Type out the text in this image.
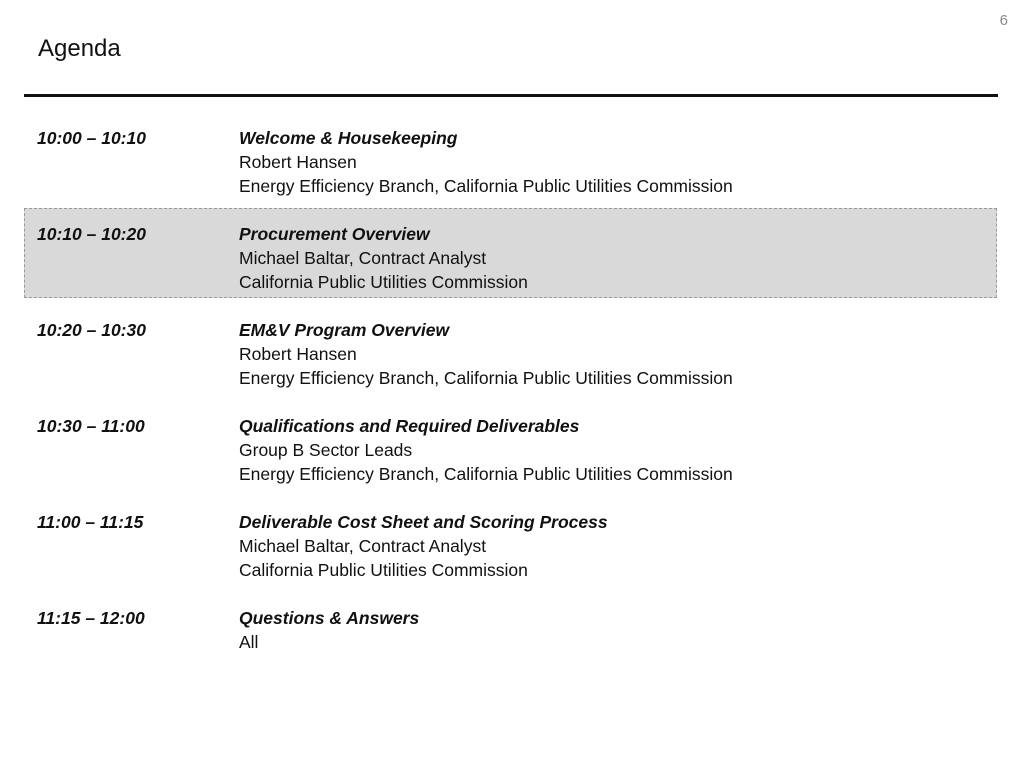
6
Agenda
10:00 – 10:10	Welcome & Housekeeping
Robert Hansen
Energy Efficiency Branch, California Public Utilities Commission
10:10 – 10:20	Procurement Overview
Michael Baltar, Contract Analyst
California Public Utilities Commission
10:20 – 10:30	EM&V Program Overview
Robert Hansen
Energy Efficiency Branch, California Public Utilities Commission
10:30 – 11:00	Qualifications and Required Deliverables
Group B Sector Leads
Energy Efficiency Branch, California Public Utilities Commission
11:00 – 11:15	Deliverable Cost Sheet and Scoring Process
Michael Baltar, Contract Analyst
California Public Utilities Commission
11:15 – 12:00	Questions & Answers
All
